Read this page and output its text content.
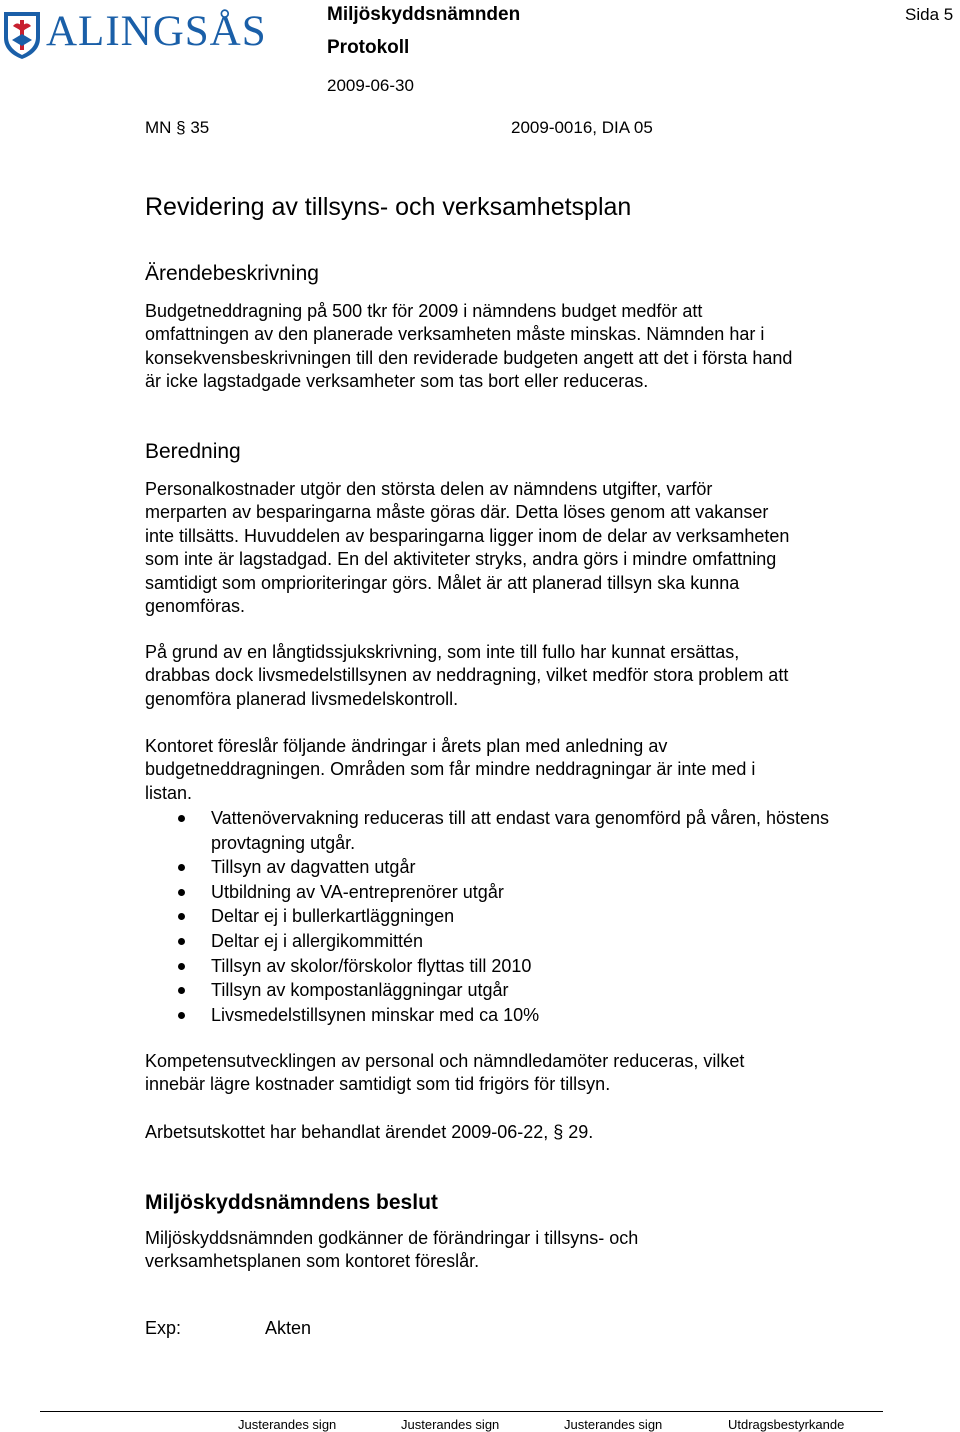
ALINGSÅS	Miljöskyddsnämnden
Protokoll
2009-06-30
Sida 5
MN § 35	2009-0016, DIA 05
Revidering av tillsyns- och verksamhetsplan
Ärendebeskrivning
Budgetneddragning på 500 tkr för 2009 i nämndens budget medför att
omfattningen av den planerade verksamheten måste minskas. Nämnden har i
konsekvensbeskrivningen till den reviderade budgeten angett att det i första hand
är icke lagstadgade verksamheter som tas bort eller reduceras.
Beredning
Personalkostnader utgör den största delen av nämndens utgifter, varför
merparten av besparingarna måste göras där. Detta löses genom att vakanser
inte tillsätts. Huvuddelen av besparingarna ligger inom de delar av verksamheten
som inte är lagstadgad. En del aktiviteter stryks, andra görs i mindre omfattning
samtidigt som omprioriteringar görs. Målet är att planerad tillsyn ska kunna
genomföras.
På grund av en långtidssjukskrivning, som inte till fullo har kunnat ersättas,
drabbas dock livsmedelstillsynen av neddragning, vilket medför stora problem att
genomföra planerad livsmedelskontroll.
Kontoret föreslår följande ändringar i årets plan med anledning av
budgetneddragningen. Områden som får mindre neddragningar är inte med i
listan.
Vattenövervakning reduceras till att endast vara genomförd på våren, höstens provtagning utgår.
Tillsyn av dagvatten utgår
Utbildning av VA-entreprenörer utgår
Deltar ej i bullerkartläggningen
Deltar ej i allergikommittén
Tillsyn av skolor/förskolor flyttas till 2010
Tillsyn av kompostanläggningar utgår
Livsmedelstillsynen minskar med ca 10%
Kompetensutvecklingen av personal och nämndledamöter reduceras, vilket
innebär lägre kostnader samtidigt som tid frigörs för tillsyn.
Arbetsutskottet har behandlat ärendet 2009-06-22, § 29.
Miljöskyddsnämndens beslut
Miljöskyddsnämnden godkänner de förändringar i tillsyns- och
verksamhetsplanen som kontoret föreslår.
Exp:	Akten
Justerandes sign	Justerandes sign	Justerandes sign	Utdragsbestyrkande
